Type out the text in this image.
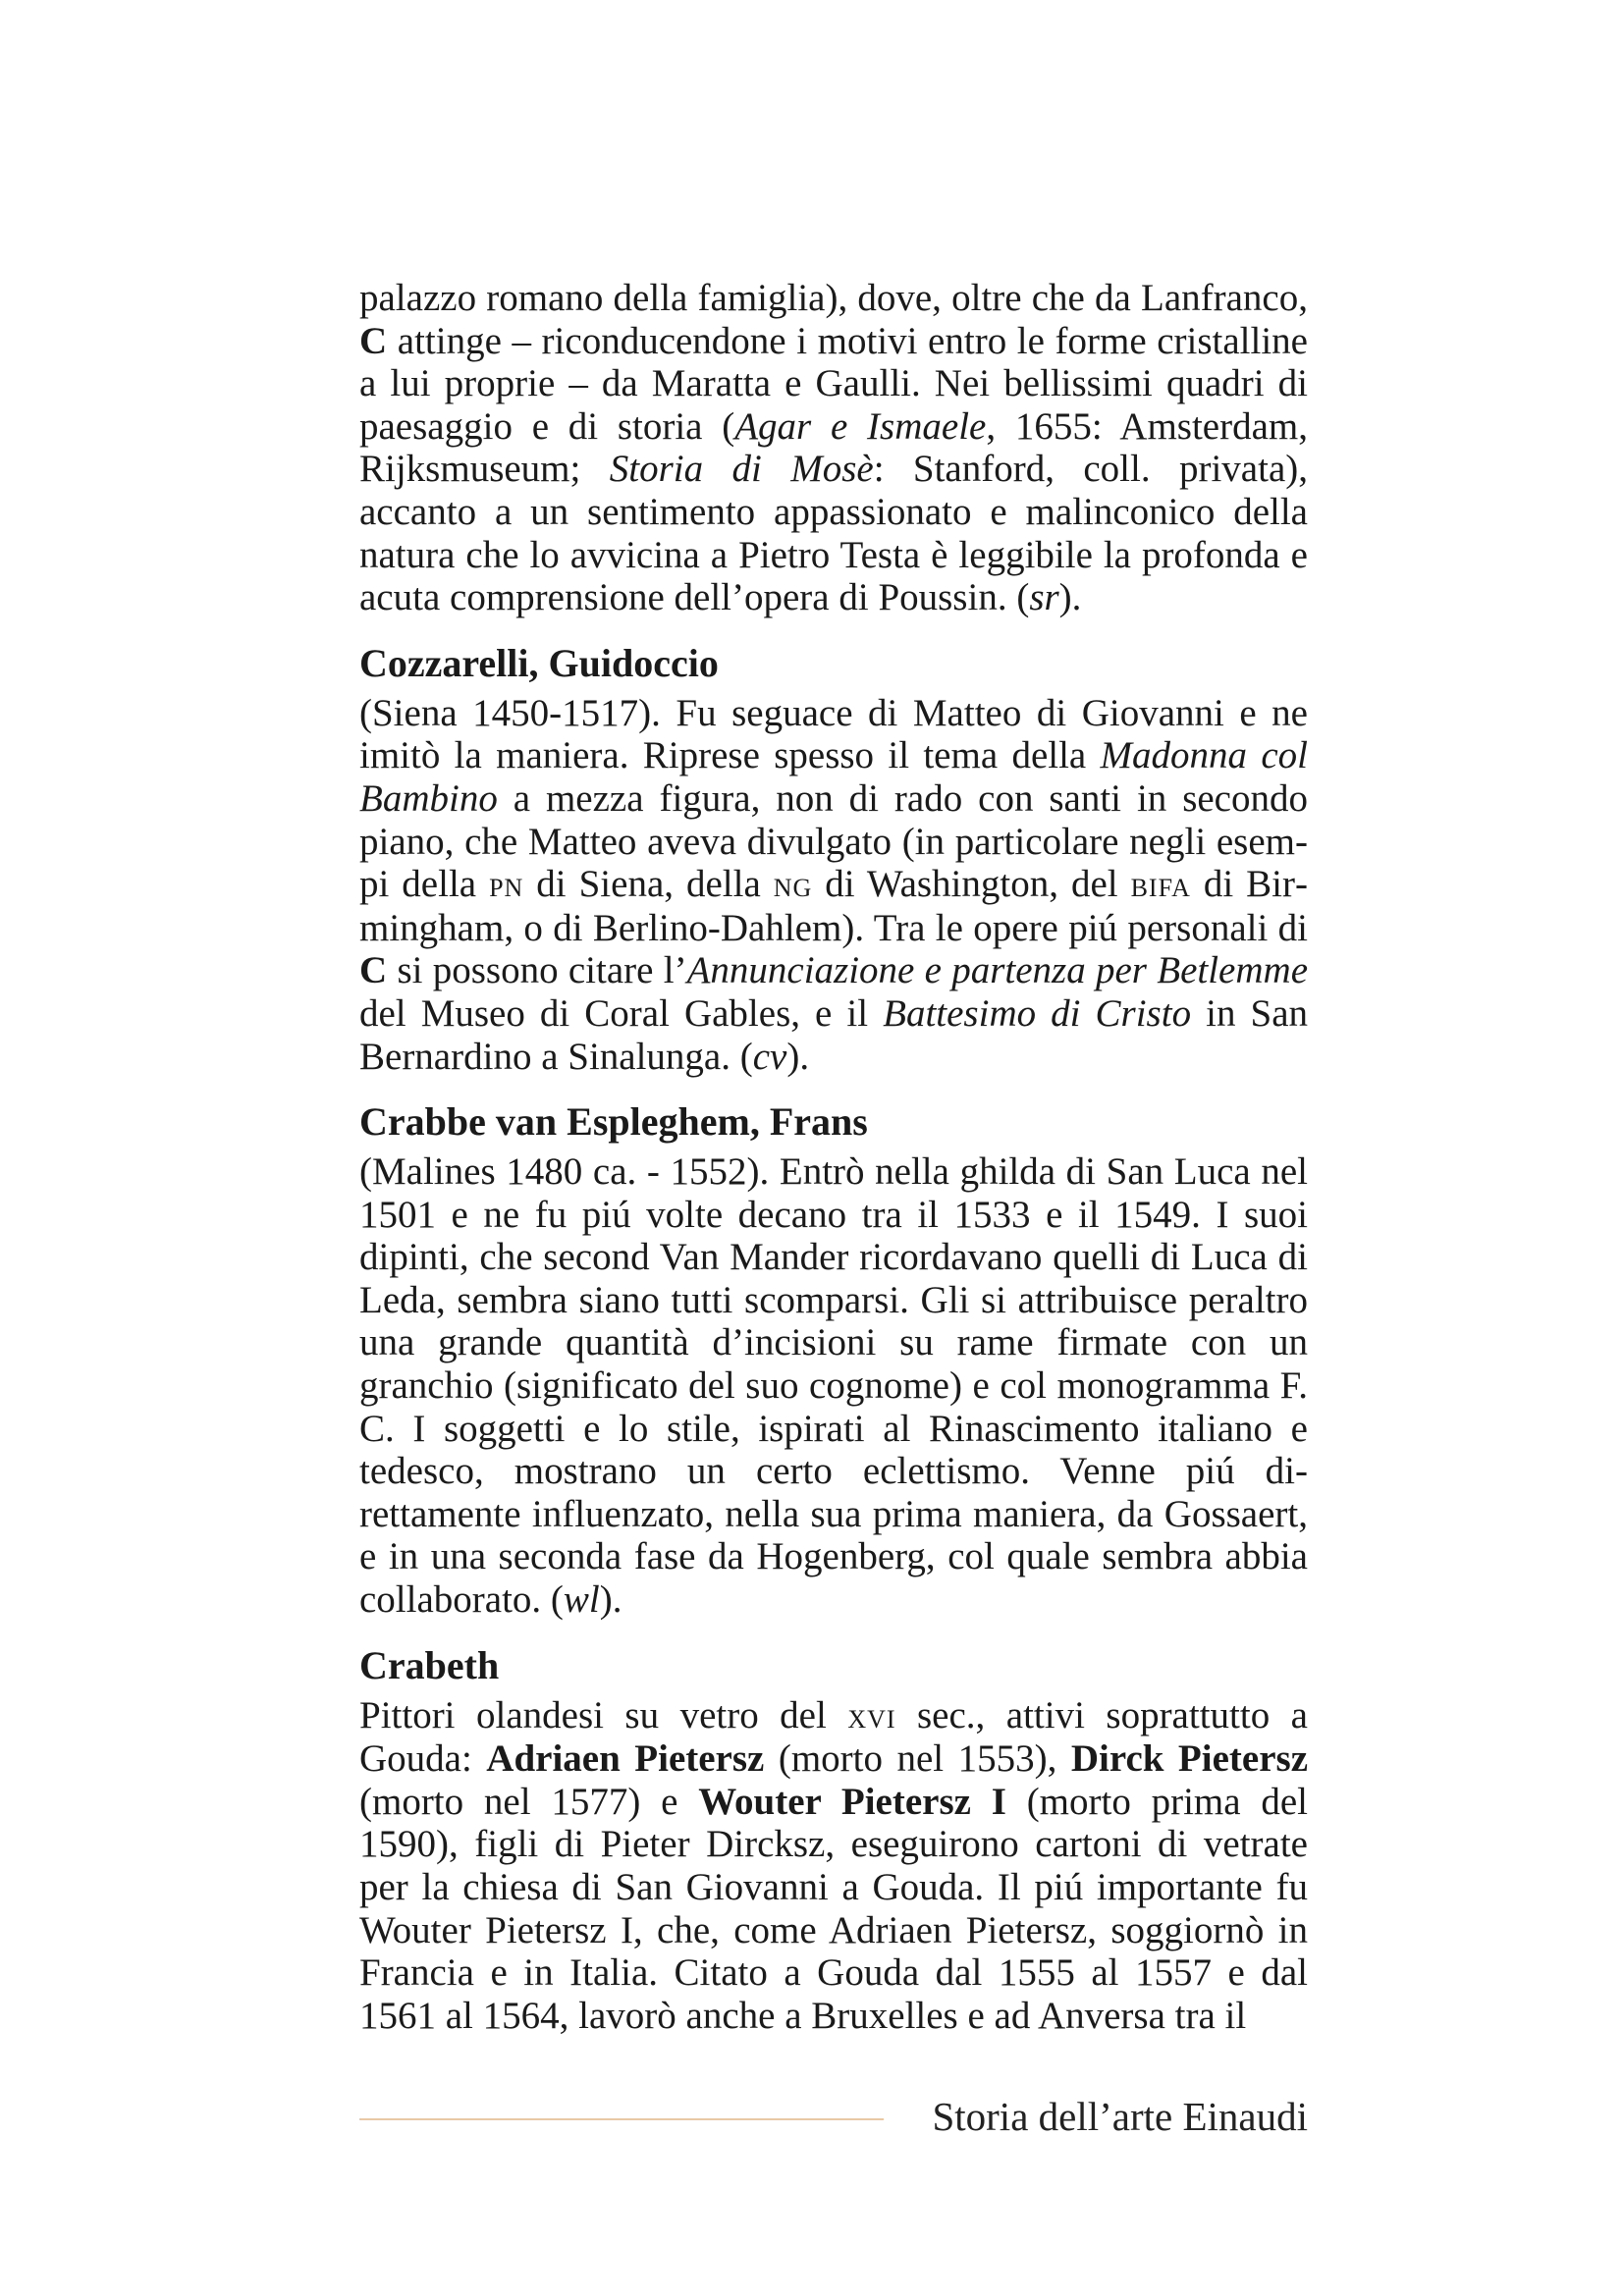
palazzo romano della famiglia), dove, oltre che da Lanfranco, C attinge – riconducendone i motivi entro le forme cristalline a lui proprie – da Maratta e Gaulli. Nei bellissimi quadri di paesaggio e di storia (Agar e Ismaele, 1655: Amsterdam, Rijksmuseum; Storia di Mosè: Stanford, coll. privata), accanto a un sentimento appassionato e malinconico della natura che lo avvicina a Pietro Testa è leggibile la profonda e acuta comprensione dell’opera di Poussin. (sr).

Cozzarelli, Guidoccio

(Siena 1450-1517). Fu seguace di Matteo di Giovanni e ne imitò la maniera. Riprese spesso il tema della Madonna col Bambino a mezza figura, non di rado con santi in secondo piano, che Matteo aveva divulgato (in particolare negli esempi della pn di Siena, della ng di Washington, del bifa di Birmingham, o di Berlino-Dahlem). Tra le opere piú personali di C si possono citare l’Annunciazione e partenza per Betlemme del Museo di Coral Gables, e il Battesimo di Cristo in San Bernardino a Sinalunga. (cv).

Crabbe van Espleghem, Frans

(Malines 1480 ca. - 1552). Entrò nella ghilda di San Luca nel 1501 e ne fu piú volte decano tra il 1533 e il 1549. I suoi dipinti, che second Van Mander ricordavano quelli di Luca di Leda, sembra siano tutti scomparsi. Gli si attribuisce peraltro una grande quantità d’incisioni su rame firmate con un granchio (significato del suo cognome) e col monogramma F. C. I soggetti e lo stile, ispirati al Rinascimento italiano e tedesco, mostrano un certo eclettismo. Venne piú direttamente influenzato, nella sua prima maniera, da Gossaert, e in una seconda fase da Hogenberg, col quale sembra abbia collaborato. (wl).

Crabeth

Pittori olandesi su vetro del xvi sec., attivi soprattutto a Gouda: Adriaen Pietersz (morto nel 1553), Dirck Pietersz (morto nel 1577) e Wouter Pietersz I (morto prima del 1590), figli di Pieter Dircksz, eseguirono cartoni di vetrate per la chiesa di San Giovanni a Gouda. Il piú importante fu Wouter Pietersz I, che, come Adriaen Pietersz, soggiornò in Francia e in Italia. Citato a Gouda dal 1555 al 1557 e dal 1561 al 1564, lavorò anche a Bruxelles e ad Anversa tra il

Storia dell’arte Einaudi
